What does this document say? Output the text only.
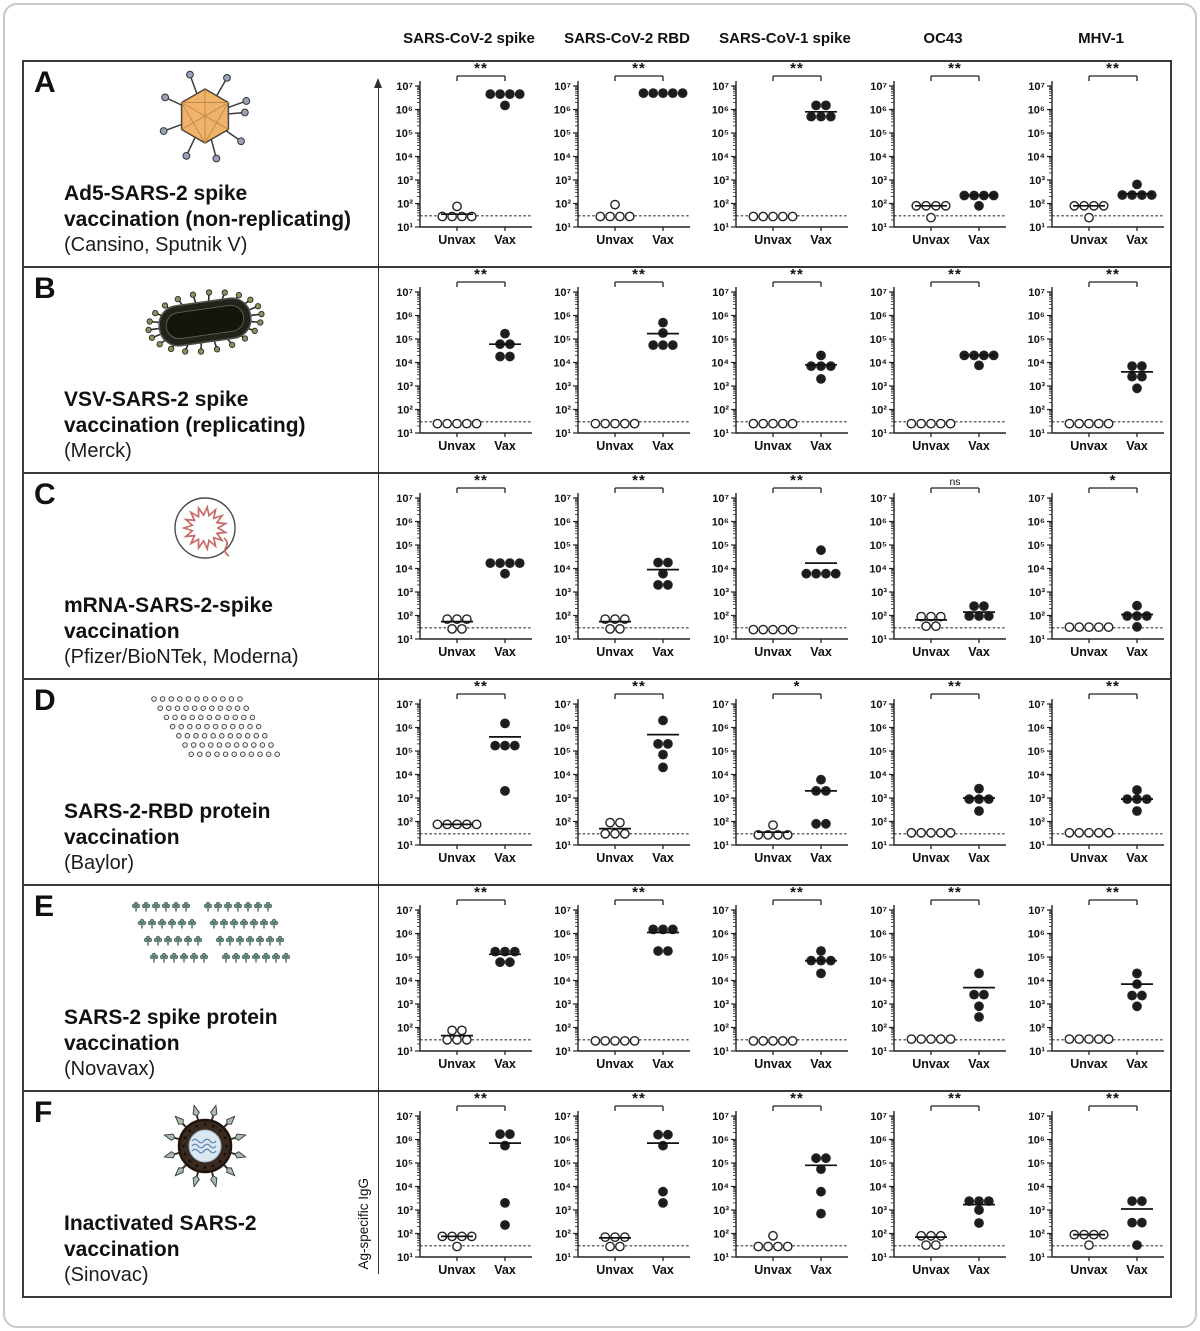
SARS-CoV-2 spike	SARS-CoV-2 RBD	SARS-CoV-1 spike	OC43	MHV-1
A
Ad5-SARS-2 spike
vaccination (non-replicating)
(Cansino, Sputnik V)
10¹
10²
10³
10⁴
10⁵
10⁶
10⁷
Unvax Vax
**
10¹
10²
10³
10⁴
10⁵
10⁶
10⁷
Unvax Vax
**
10¹
10²
10³
10⁴
10⁵
10⁶
10⁷
Unvax Vax
**
10¹
10²
10³
10⁴
10⁵
10⁶
10⁷
Unvax Vax
**
10¹
10²
10³
10⁴
10⁵
10⁶
10⁷
Unvax Vax
**
B
VSV-SARS-2 spike
vaccination (replicating)
(Merck)
10¹
10²
10³
10⁴
10⁵
10⁶
10⁷
Unvax Vax
**
10¹
10²
10³
10⁴
10⁵
10⁶
10⁷
Unvax Vax
**
10¹
10²
10³
10⁴
10⁵
10⁶
10⁷
Unvax Vax
**
10¹
10²
10³
10⁴
10⁵
10⁶
10⁷
Unvax Vax
**
10¹
10²
10³
10⁴
10⁵
10⁶
10⁷
Unvax Vax
**
C
mRNA-SARS-2-spike
vaccination
(Pfizer/BioNTek, Moderna)
10¹
10²
10³
10⁴
10⁵
10⁶
10⁷
Unvax Vax
**
10¹
10²
10³
10⁴
10⁵
10⁶
10⁷
Unvax Vax
**
10¹
10²
10³
10⁴
10⁵
10⁶
10⁷
Unvax Vax
**
10¹
10²
10³
10⁴
10⁵
10⁶
10⁷
Unvax Vax
ns
10¹
10²
10³
10⁴
10⁵
10⁶
10⁷
Unvax Vax
*
D
SARS-2-RBD protein
vaccination
(Baylor)
10¹
10²
10³
10⁴
10⁵
10⁶
10⁷
Unvax Vax
**
10¹
10²
10³
10⁴
10⁵
10⁶
10⁷
Unvax Vax
**
10¹
10²
10³
10⁴
10⁵
10⁶
10⁷
Unvax Vax
*
10¹
10²
10³
10⁴
10⁵
10⁶
10⁷
Unvax Vax
**
10¹
10²
10³
10⁴
10⁵
10⁶
10⁷
Unvax Vax
**
E
SARS-2 spike protein
vaccination
(Novavax)
10¹
10²
10³
10⁴
10⁵
10⁶
10⁷
Unvax Vax
**
10¹
10²
10³
10⁴
10⁵
10⁶
10⁷
Unvax Vax
**
10¹
10²
10³
10⁴
10⁵
10⁶
10⁷
Unvax Vax
**
10¹
10²
10³
10⁴
10⁵
10⁶
10⁷
Unvax Vax
**
10¹
10²
10³
10⁴
10⁵
10⁶
10⁷
Unvax Vax
**
F
Inactivated SARS-2
vaccination
(Sinovac)
10¹
10²
10³
10⁴
10⁵
10⁶
10⁷
Unvax Vax
**
10¹
10²
10³
10⁴
10⁵
10⁶
10⁷
Unvax Vax
**
10¹
10²
10³
10⁴
10⁵
10⁶
10⁷
Unvax Vax
**
10¹
10²
10³
10⁴
10⁵
10⁶
10⁷
Unvax Vax
**
10¹
10²
10³
10⁴
10⁵
10⁶
10⁷
Unvax Vax
**
Ag-specific IgG
